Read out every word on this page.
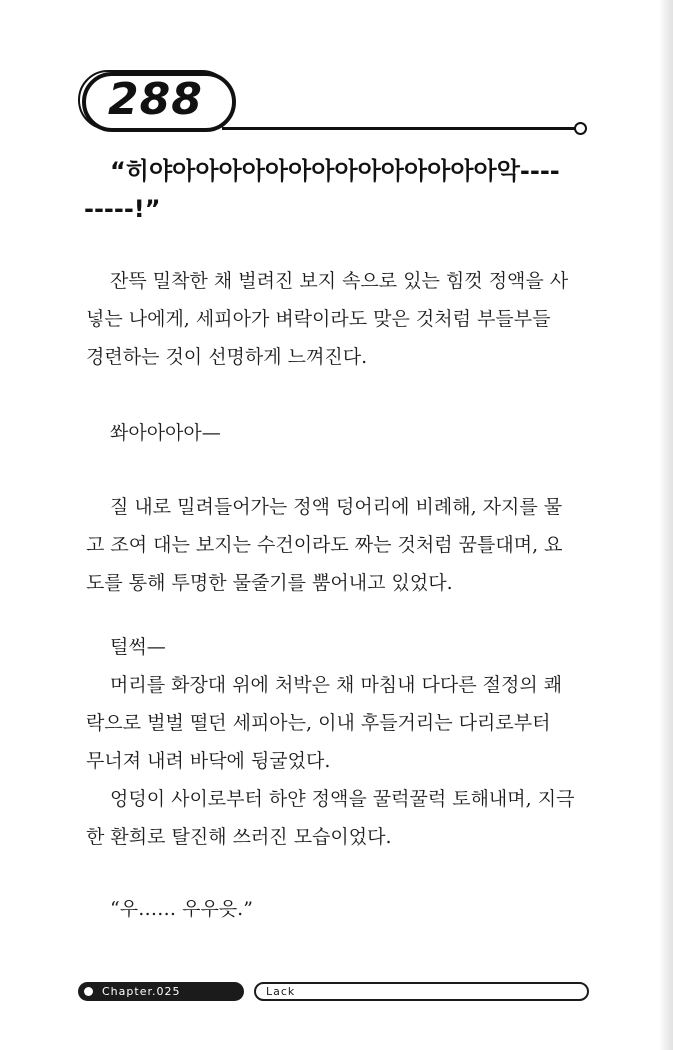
288
“히야아아아아아아아아아아아아아아악----
-----!”
잔뜩 밀착한 채 벌려진 보지 속으로 있는 힘껏 정액을 사
넣는 나에게, 세피아가 벼락이라도 맞은 것처럼 부들부들
경련하는 것이 선명하게 느껴진다.
쏴아아아아—
질 내로 밀려들어가는 정액 덩어리에 비례해, 자지를 물
고 조여 대는 보지는 수건이라도 짜는 것처럼 꿈틀대며, 요
도를 통해 투명한 물줄기를 뿜어내고 있었다.
털썩—
머리를 화장대 위에 처박은 채 마침내 다다른 절정의 쾌
락으로 벌벌 떨던 세피아는, 이내 후들거리는 다리로부터
무너져 내려 바닥에 뒹굴었다.
엉덩이 사이로부터 하얀 정액을 꿀럭꿀럭 토해내며, 지극
한 환희로 탈진해 쓰러진 모습이었다.
“우…… 우우읏.”
Chapter.025	Lack
